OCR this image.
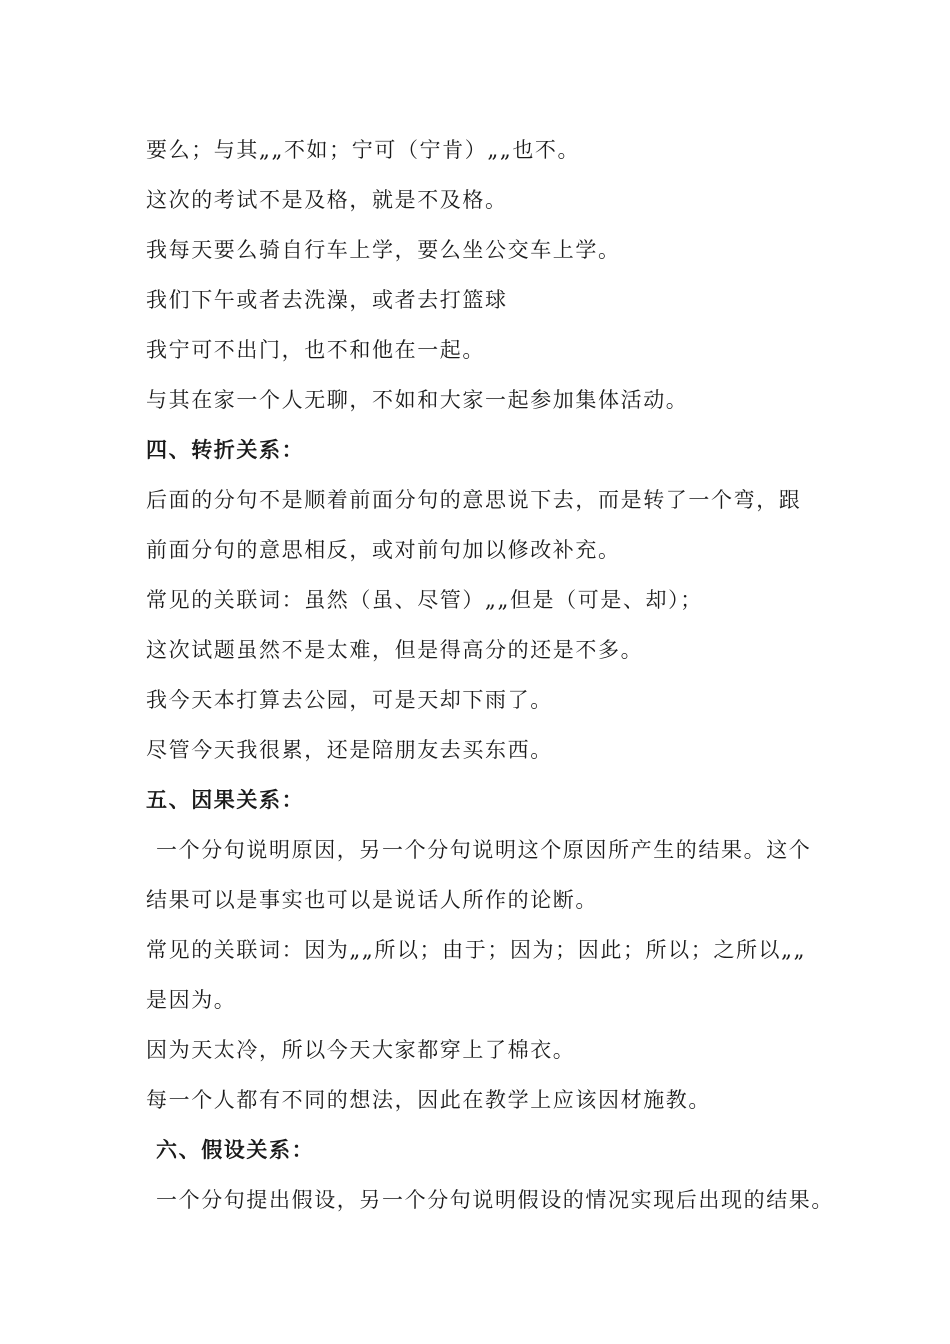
要么；与其„„不如；宁可（宁肯）„„也不。
这次的考试不是及格，就是不及格。
我每天要么骑自行车上学，要么坐公交车上学。
我们下午或者去洗澡，或者去打篮球
我宁可不出门，也不和他在一起。
与其在家一个人无聊，不如和大家一起参加集体活动。
四、转折关系：
后面的分句不是顺着前面分句的意思说下去，而是转了一个弯，跟
前面分句的意思相反，或对前句加以修改补充。
常见的关联词：虽然（虽、尽管）„„但是（可是、却）；
这次试题虽然不是太难，但是得高分的还是不多。
我今天本打算去公园，可是天却下雨了。
尽管今天我很累，还是陪朋友去买东西。
五、因果关系：
一个分句说明原因，另一个分句说明这个原因所产生的结果。这个
结果可以是事实也可以是说话人所作的论断。
常见的关联词：因为„„所以；由于；因为；因此；所以；之所以„„
是因为。
因为天太冷，所以今天大家都穿上了棉衣。
每一个人都有不同的想法，因此在教学上应该因材施教。
六、假设关系：
一个分句提出假设，另一个分句说明假设的情况实现后出现的结果。
